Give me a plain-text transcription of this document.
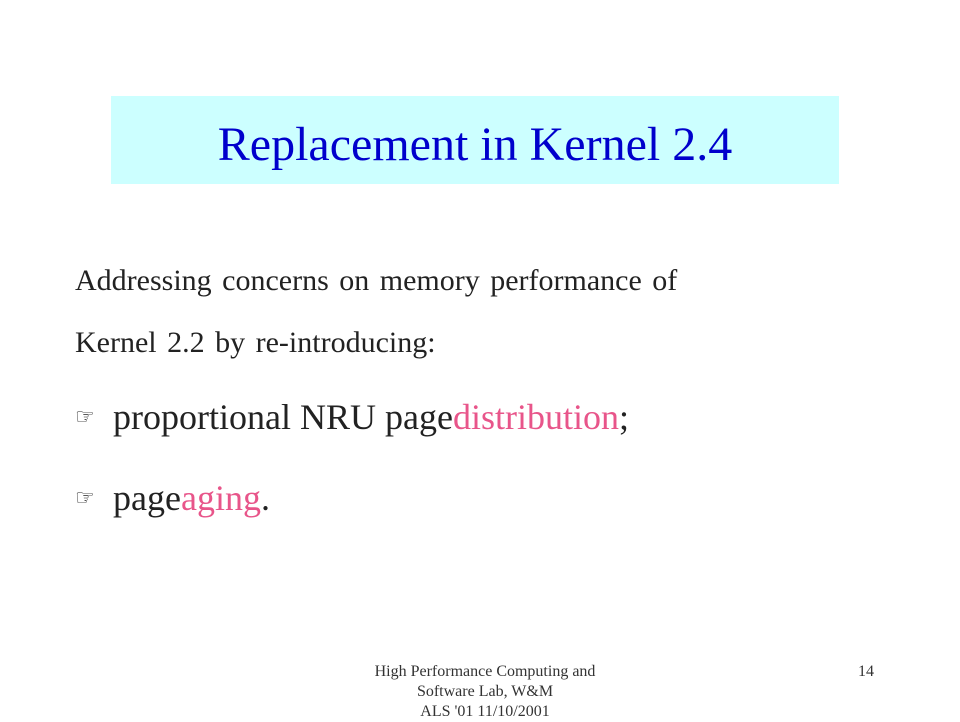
Replacement in Kernel 2.4
Addressing concerns on memory performance of
Kernel 2.2 by re-introducing:
☞ proportional NRU page distribution ;
☞ page aging .
High Performance Computing and
Software Lab, W&M
ALS '01 11/10/2001
14
